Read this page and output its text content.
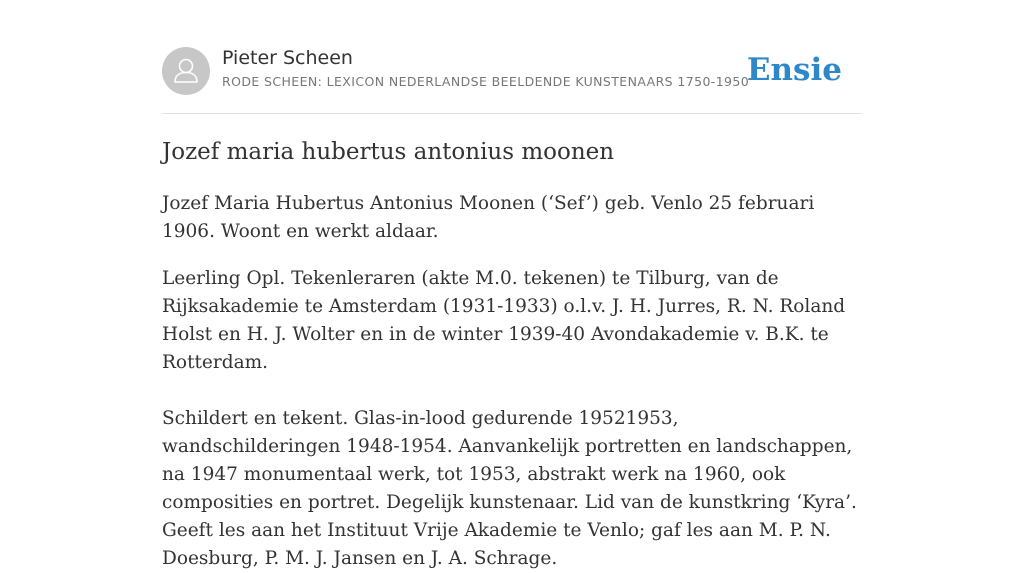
Pieter Scheen
RODE SCHEEN: LEXICON NEDERLANDSE BEELDENDE KUNSTENAARS 1750-1950
Ensie
Jozef maria hubertus antonius moonen

Jozef Maria Hubertus Antonius Moonen (‘Sef’) geb. Venlo 25 februari 1906. Woont en werkt aldaar.

Leerling Opl. Tekenleraren (akte M.0. tekenen) te Tilburg, van de Rijksakademie te Amsterdam (1931-1933) o.l.v. J. H. Jurres, R. N. Roland Holst en H. J. Wolter en in de winter 1939-40 Avondakademie v. B.K. te Rotterdam.

Schildert en tekent. Glas-in-lood gedurende 19521953, wandschilderingen 1948-1954. Aanvankelijk portretten en landschappen, na 1947 monumentaal werk, tot 1953, abstrakt werk na 1960, ook composities en portret. Degelijk kunstenaar. Lid van de kunstkring ‘Kyra’. Geeft les aan het Instituut Vrije Akademie te Venlo; gaf les aan M. P. N. Doesburg, P. M. J. Jansen en J. A. Schrage.
